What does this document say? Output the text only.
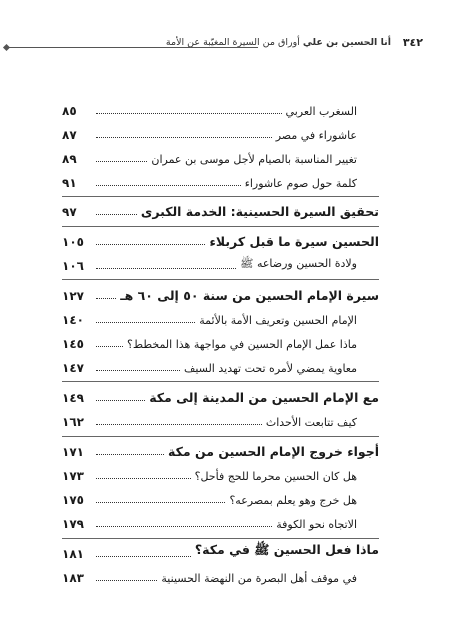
٣٤٢
أنا الحسين بن علي أوراق من السيرة المغيّبة عن الأمة
السغرب العربي
٨٥
عاشوراء في مصر
٨٧
تغيير المناسبة بالصيام لأجل موسى بن عمران
٨٩
كلمة حول صوم عاشوراء
٩١
تحقيق السيرة الحسينية: الخدمة الكبرى
٩٧
الحسين سيرة ما قبل كربلاء
١٠٥
ولادة الحسين ورضاعه ﷺ
١٠٦
سيرة الإمام الحسين من سنة ٥٠ إلى ٦٠ هـ
١٢٧
الإمام الحسين وتعريف الأمة بالأئمة
١٤٠
ماذا عمل الإمام الحسين في مواجهة هذا المخطط؟
١٤٥
معاوية يمضي لأمره تحت تهديد السيف
١٤٧
مع الإمام الحسين من المدينة إلى مكة
١٤٩
كيف تتابعت الأحداث
١٦٢
أجواء خروج الإمام الحسين من مكة
١٧١
هل كان الحسين محرما للحج فأحل؟
١٧٣
هل خرج وهو يعلم بمصرعه؟
١٧٥
الاتجاه نحو الكوفة
١٧٩
ماذا فعل الحسين ﷺ في مكة؟
١٨١
في موقف أهل البصرة من النهضة الحسينية
١٨٣
